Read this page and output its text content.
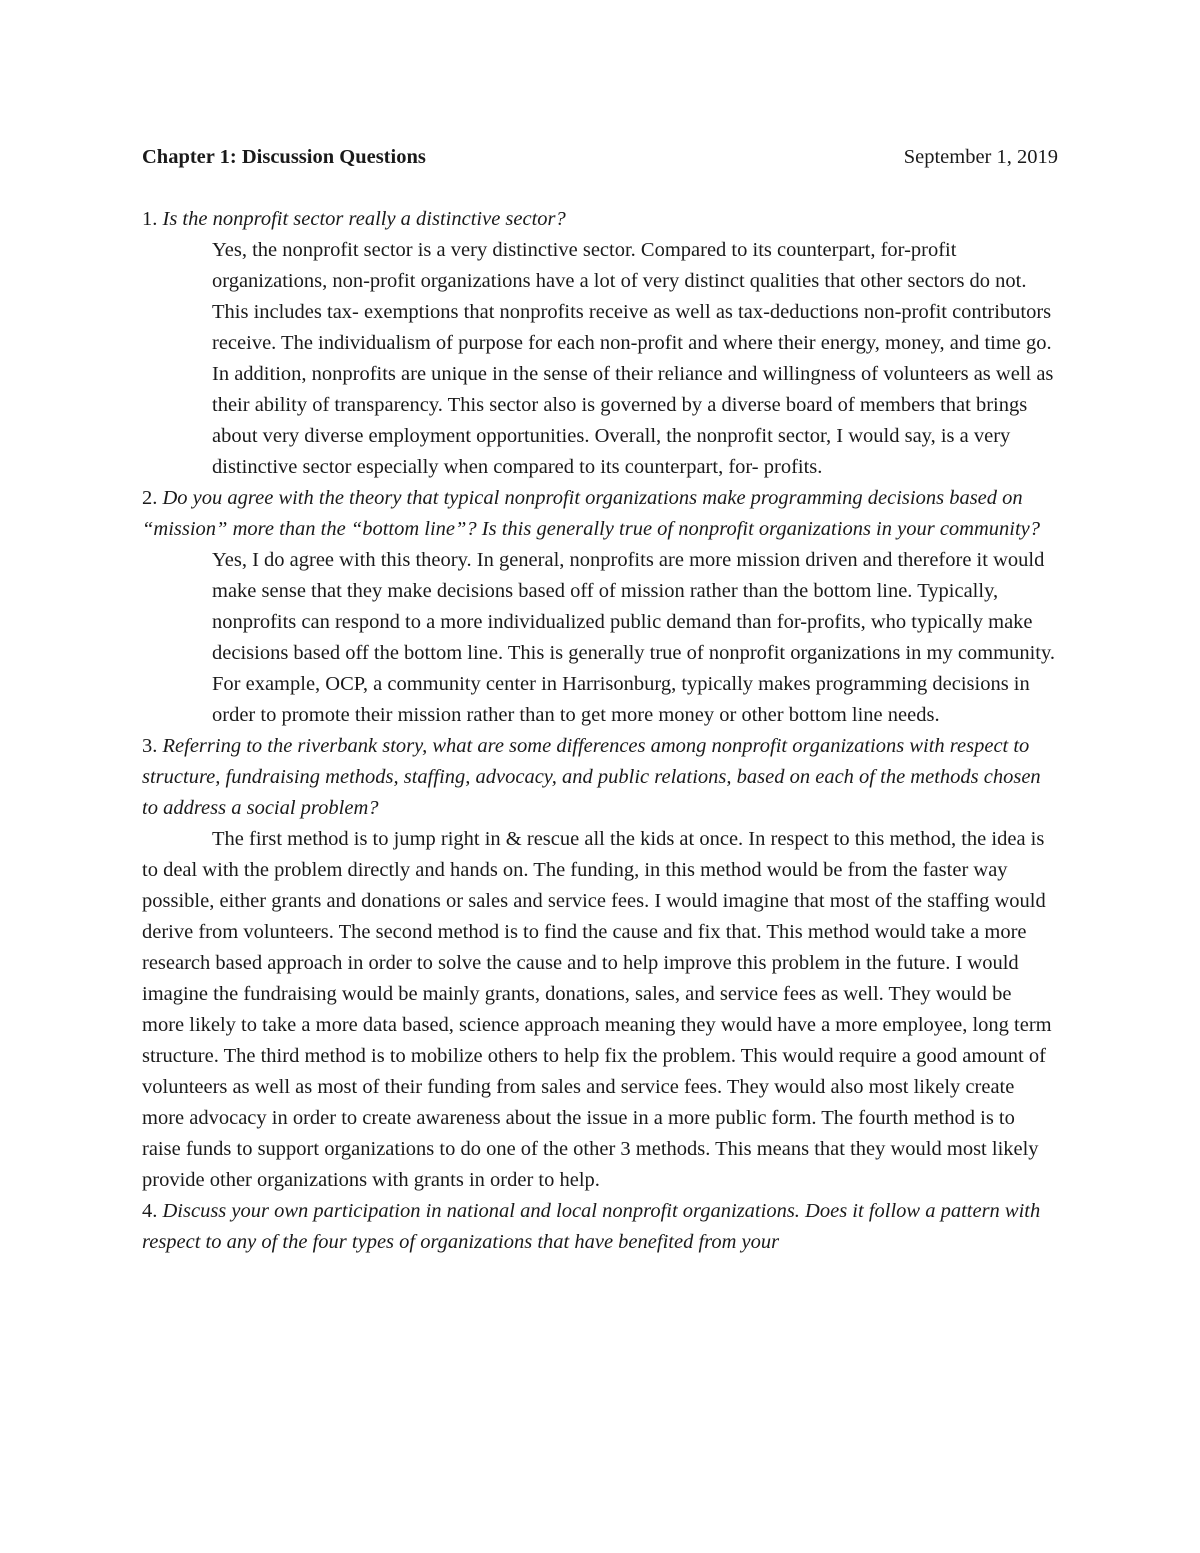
Chapter 1: Discussion Questions	September 1, 2019

1. Is the nonprofit sector really a distinctive sector?

Yes, the nonprofit sector is a very distinctive sector. Compared to its counterpart, for-profit organizations, non-profit organizations have a lot of very distinct qualities that other sectors do not. This includes tax- exemptions that nonprofits receive as well as tax-deductions non-profit contributors receive. The individualism of purpose for each non-profit and where their energy, money, and time go. In addition, nonprofits are unique in the sense of their reliance and willingness of volunteers as well as their ability of transparency. This sector also is governed by a diverse board of members that brings about very diverse employment opportunities. Overall, the nonprofit sector, I would say, is a very distinctive sector especially when compared to its counterpart, for- profits.

2. Do you agree with the theory that typical nonprofit organizations make programming decisions based on “mission” more than the “bottom line”? Is this generally true of nonprofit organizations in your community?

Yes, I do agree with this theory. In general, nonprofits are more mission driven and therefore it would make sense that they make decisions based off of mission rather than the bottom line. Typically, nonprofits can respond to a more individualized public demand than for-profits, who typically make decisions based off the bottom line. This is generally true of nonprofit organizations in my community. For example, OCP, a community center in Harrisonburg, typically makes programming decisions in order to promote their mission rather than to get more money or other bottom line needs.

3. Referring to the riverbank story, what are some differences among nonprofit organizations with respect to structure, fundraising methods, staffing, advocacy, and public relations, based on each of the methods chosen to address a social problem?

The first method is to jump right in & rescue all the kids at once. In respect to this method, the idea is to deal with the problem directly and hands on. The funding, in this method would be from the faster way possible, either grants and donations or sales and service fees. I would imagine that most of the staffing would derive from volunteers. The second method is to find the cause and fix that. This method would take a more research based approach in order to solve the cause and to help improve this problem in the future. I would imagine the fundraising would be mainly grants, donations, sales, and service fees as well. They would be more likely to take a more data based, science approach meaning they would have a more employee, long term structure. The third method is to mobilize others to help fix the problem. This would require a good amount of volunteers as well as most of their funding from sales and service fees. They would also most likely create more advocacy in order to create awareness about the issue in a more public form. The fourth method is to raise funds to support organizations to do one of the other 3 methods. This means that they would most likely provide other organizations with grants in order to help.

4. Discuss your own participation in national and local nonprofit organizations. Does it follow a pattern with respect to any of the four types of organizations that have benefited from your
